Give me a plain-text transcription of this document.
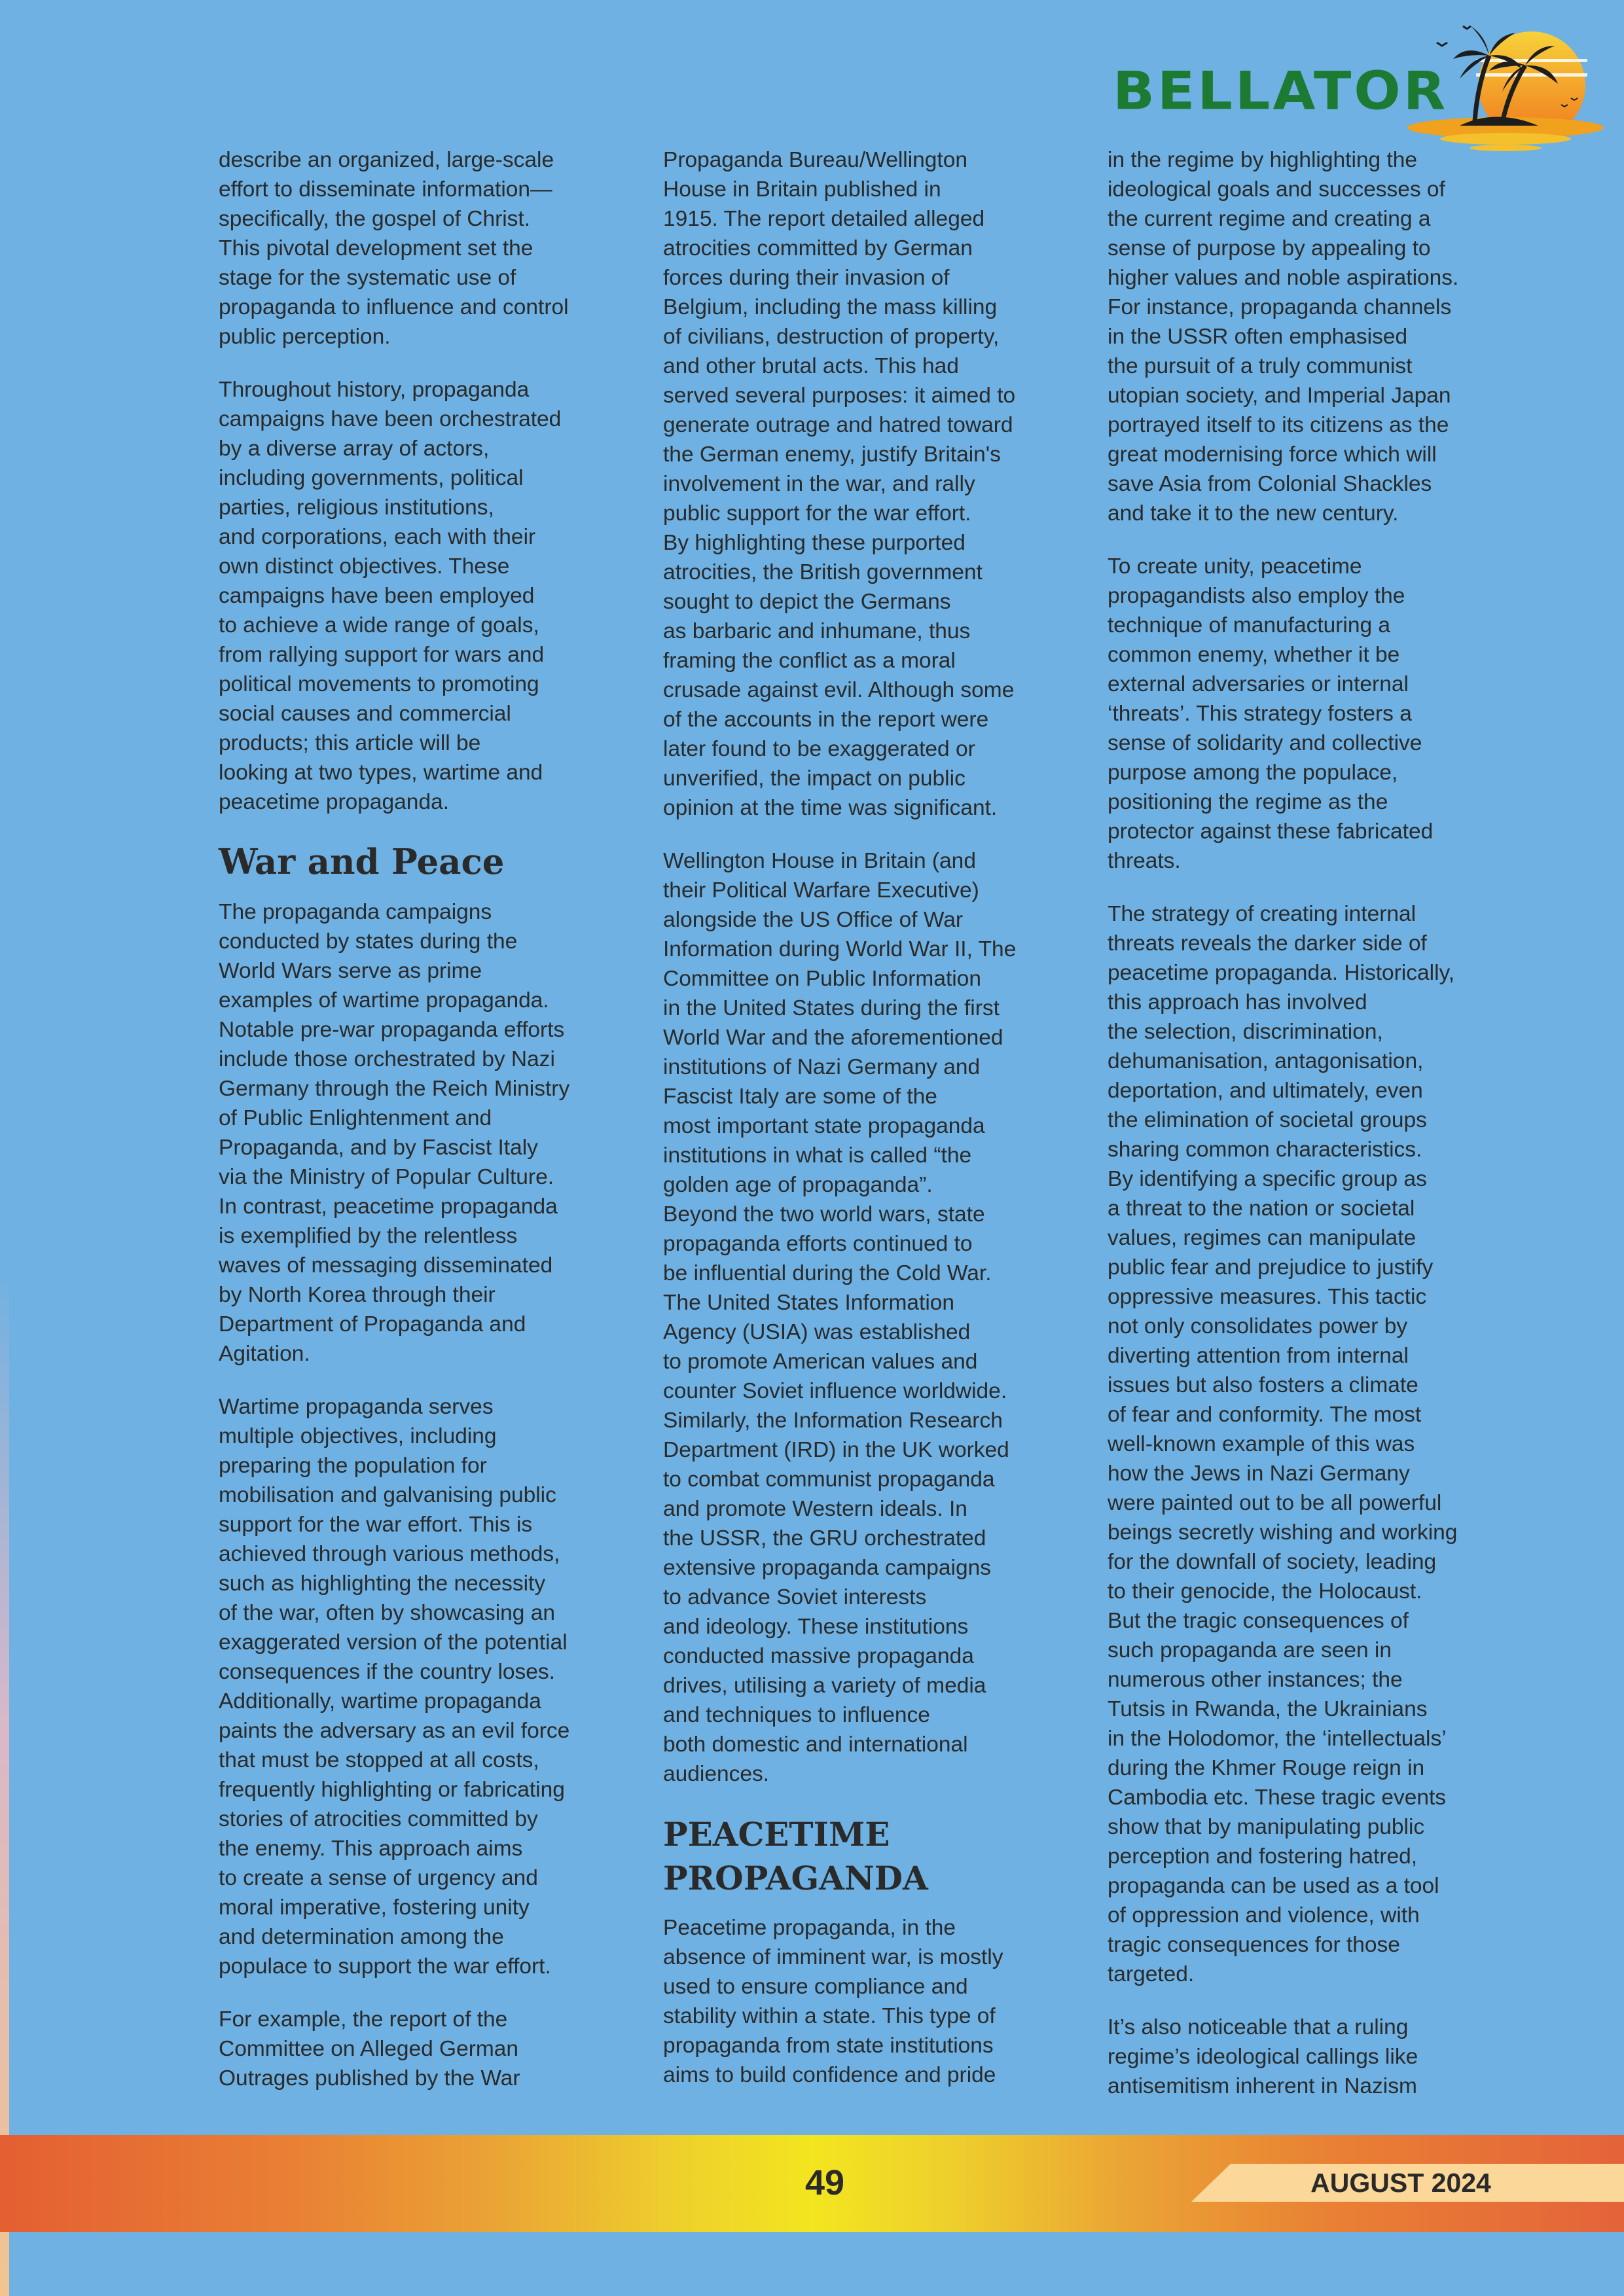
BELLATOR

describe an organized, large-scale
effort to disseminate information—
specifically, the gospel of Christ.
This pivotal development set the
stage for the systematic use of
propaganda to influence and control
public perception.

Throughout history, propaganda
campaigns have been orchestrated
by a diverse array of actors,
including governments, political
parties, religious institutions,
and corporations, each with their
own distinct objectives. These
campaigns have been employed
to achieve a wide range of goals,
from rallying support for wars and
political movements to promoting
social causes and commercial
products; this article will be
looking at two types, wartime and
peacetime propaganda.

War and Peace

The propaganda campaigns
conducted by states during the
World Wars serve as prime
examples of wartime propaganda.
Notable pre-war propaganda efforts
include those orchestrated by Nazi
Germany through the Reich Ministry
of Public Enlightenment and
Propaganda, and by Fascist Italy
via the Ministry of Popular Culture.
In contrast, peacetime propaganda
is exemplified by the relentless
waves of messaging disseminated
by North Korea through their
Department of Propaganda and
Agitation.

Wartime propaganda serves
multiple objectives, including
preparing the population for
mobilisation and galvanising public
support for the war effort. This is
achieved through various methods,
such as highlighting the necessity
of the war, often by showcasing an
exaggerated version of the potential
consequences if the country loses.
Additionally, wartime propaganda
paints the adversary as an evil force
that must be stopped at all costs,
frequently highlighting or fabricating
stories of atrocities committed by
the enemy. This approach aims
to create a sense of urgency and
moral imperative, fostering unity
and determination among the
populace to support the war effort.

For example, the report of the
Committee on Alleged German
Outrages published by the War

Propaganda Bureau/Wellington
House in Britain published in
1915. The report detailed alleged
atrocities committed by German
forces during their invasion of
Belgium, including the mass killing
of civilians, destruction of property,
and other brutal acts. This had
served several purposes: it aimed to
generate outrage and hatred toward
the German enemy, justify Britain's
involvement in the war, and rally
public support for the war effort.
By highlighting these purported
atrocities, the British government
sought to depict the Germans
as barbaric and inhumane, thus
framing the conflict as a moral
crusade against evil. Although some
of the accounts in the report were
later found to be exaggerated or
unverified, the impact on public
opinion at the time was significant.

Wellington House in Britain (and
their Political Warfare Executive)
alongside the US Office of War
Information during World War II, The
Committee on Public Information
in the United States during the first
World War and the aforementioned
institutions of Nazi Germany and
Fascist Italy are some of the
most important state propaganda
institutions in what is called “the
golden age of propaganda”.
Beyond the two world wars, state
propaganda efforts continued to
be influential during the Cold War.
The United States Information
Agency (USIA) was established
to promote American values and
counter Soviet influence worldwide.
Similarly, the Information Research
Department (IRD) in the UK worked
to combat communist propaganda
and promote Western ideals. In
the USSR, the GRU orchestrated
extensive propaganda campaigns
to advance Soviet interests
and ideology. These institutions
conducted massive propaganda
drives, utilising a variety of media
and techniques to influence
both domestic and international
audiences.

PEACETIME
PROPAGANDA

Peacetime propaganda, in the
absence of imminent war, is mostly
used to ensure compliance and
stability within a state. This type of
propaganda from state institutions
aims to build confidence and pride

in the regime by highlighting the
ideological goals and successes of
the current regime and creating a
sense of purpose by appealing to
higher values and noble aspirations.
For instance, propaganda channels
in the USSR often emphasised
the pursuit of a truly communist
utopian society, and Imperial Japan
portrayed itself to its citizens as the
great modernising force which will
save Asia from Colonial Shackles
and take it to the new century.

To create unity, peacetime
propagandists also employ the
technique of manufacturing a
common enemy, whether it be
external adversaries or internal
‘threats’. This strategy fosters a
sense of solidarity and collective
purpose among the populace,
positioning the regime as the
protector against these fabricated
threats.

The strategy of creating internal
threats reveals the darker side of
peacetime propaganda. Historically,
this approach has involved
the selection, discrimination,
dehumanisation, antagonisation,
deportation, and ultimately, even
the elimination of societal groups
sharing common characteristics.
By identifying a specific group as
a threat to the nation or societal
values, regimes can manipulate
public fear and prejudice to justify
oppressive measures. This tactic
not only consolidates power by
diverting attention from internal
issues but also fosters a climate
of fear and conformity. The most
well-known example of this was
how the Jews in Nazi Germany
were painted out to be all powerful
beings secretly wishing and working
for the downfall of society, leading
to their genocide, the Holocaust.
But the tragic consequences of
such propaganda are seen in
numerous other instances; the
Tutsis in Rwanda, the Ukrainians
in the Holodomor, the ‘intellectuals’
during the Khmer Rouge reign in
Cambodia etc. These tragic events
show that by manipulating public
perception and fostering hatred,
propaganda can be used as a tool
of oppression and violence, with
tragic consequences for those
targeted.

It’s also noticeable that a ruling
regime’s ideological callings like
antisemitism inherent in Nazism

49	AUGUST 2024
